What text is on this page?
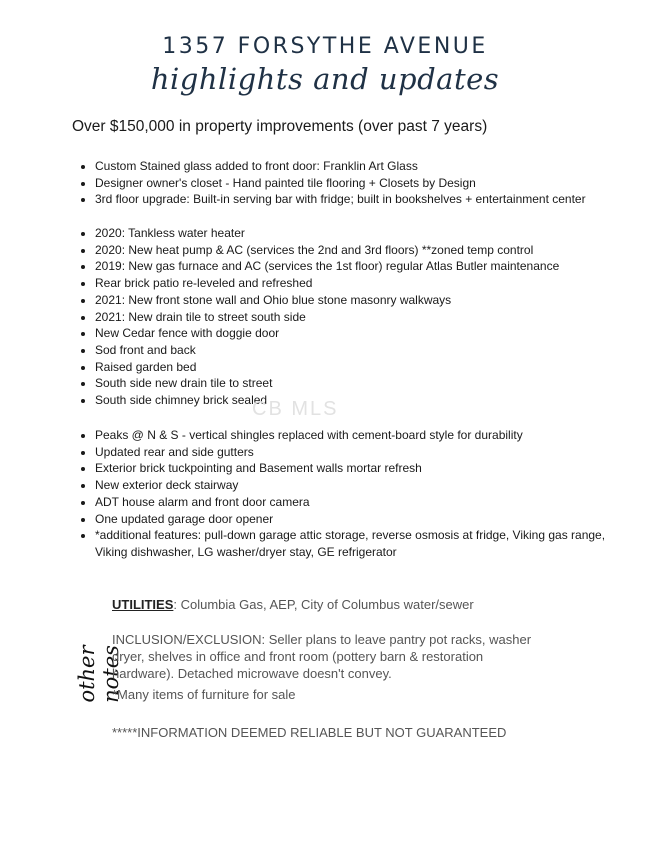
1357 FORSYTHE AVENUE
highlights and updates
Over $150,000 in property improvements (over past 7 years)
• Custom Stained glass added to front door: Franklin Art Glass
• Designer owner's closet - Hand painted tile flooring + Closets by Design
• 3rd floor upgrade: Built-in serving bar with fridge; built in bookshelves + entertainment center
• 2020: Tankless water heater
• 2020: New heat pump & AC (services the 2nd and 3rd floors) **zoned temp control
• 2019: New gas furnace and AC (services the 1st floor) regular Atlas Butler maintenance
• Rear brick patio re-leveled and refreshed
• 2021: New front stone wall and Ohio blue stone masonry walkways
• 2021: New drain tile to street south side
• New Cedar fence with doggie door
• Sod front and back
• Raised garden bed
• South side new drain tile to street
• South side chimney brick sealed
CB MLS
• Peaks @ N & S - vertical shingles replaced with cement-board style for durability
• Updated rear and side gutters
• Exterior brick tuckpointing and Basement walls mortar refresh
• New exterior deck stairway
• ADT house alarm and front door camera
• One updated garage door opener
• *additional features: pull-down garage attic storage, reverse osmosis at fridge, Viking gas range, Viking dishwasher, LG washer/dryer stay, GE refrigerator
other notes
UTILITIES: Columbia Gas, AEP, City of Columbus water/sewer
INCLUSION/EXCLUSION: Seller plans to leave pantry pot racks, washer dryer, shelves in office and front room (pottery barn & restoration hardware). Detached microwave doesn't convey.
*Many items of furniture for sale
*****INFORMATION DEEMED RELIABLE BUT NOT GUARANTEED
